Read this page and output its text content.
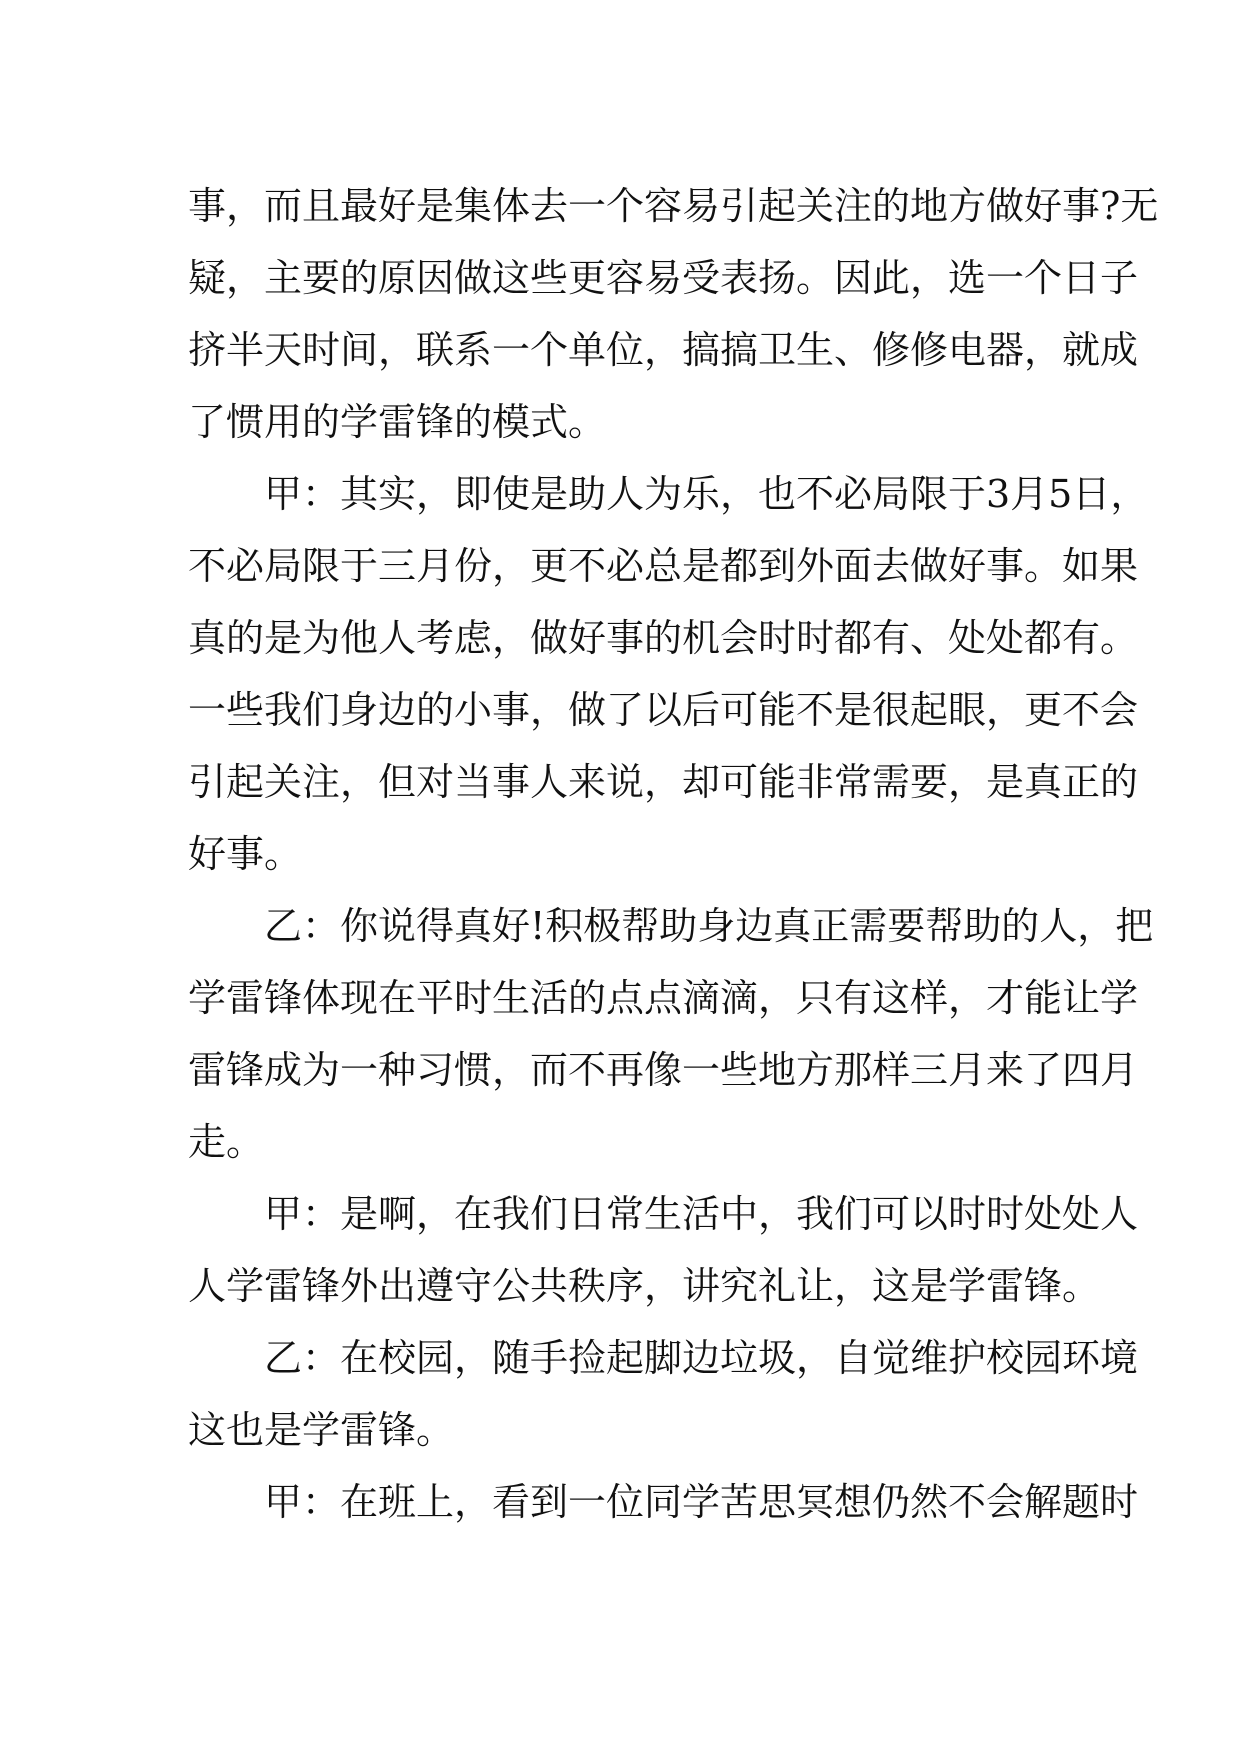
事，而且最好是集体去一个容易引起关注的地方做好事?无
疑，主要的原因做这些更容易受表扬。因此，选一个日子
挤半天时间，联系一个单位，搞搞卫生、修修电器，就成
了惯用的学雷锋的模式。
甲：其实，即使是助人为乐，也不必局限于3月5日，
不必局限于三月份，更不必总是都到外面去做好事。如果
真的是为他人考虑，做好事的机会时时都有、处处都有。
一些我们身边的小事，做了以后可能不是很起眼，更不会
引起关注，但对当事人来说，却可能非常需要，是真正的
好事。
乙：你说得真好!积极帮助身边真正需要帮助的人，把
学雷锋体现在平时生活的点点滴滴，只有这样，才能让学
雷锋成为一种习惯，而不再像一些地方那样三月来了四月
走。
甲：是啊，在我们日常生活中，我们可以时时处处人
人学雷锋外出遵守公共秩序，讲究礼让，这是学雷锋。
乙：在校园，随手捡起脚边垃圾，自觉维护校园环境
这也是学雷锋。
甲：在班上，看到一位同学苦思冥想仍然不会解题时
